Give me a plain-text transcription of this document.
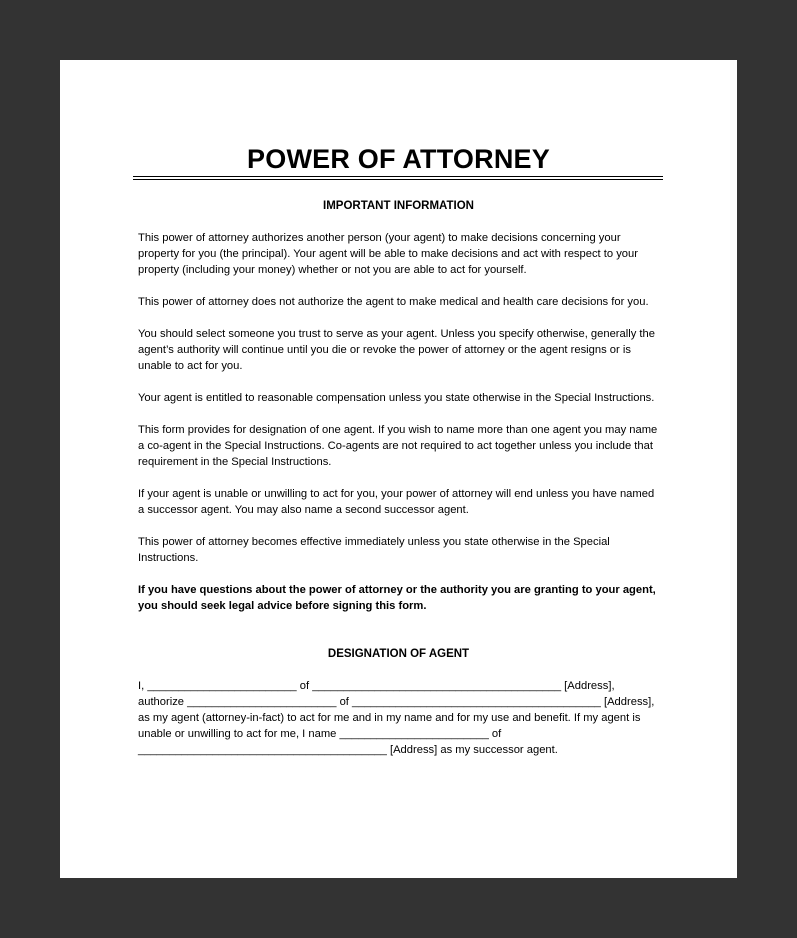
POWER OF ATTORNEY
IMPORTANT INFORMATION
This power of attorney authorizes another person (your agent) to make decisions concerning your
property for you (the principal). Your agent will be able to make decisions and act with respect to your
property (including your money) whether or not you are able to act for yourself.
This power of attorney does not authorize the agent to make medical and health care decisions for you.
You should select someone you trust to serve as your agent. Unless you specify otherwise, generally the
agent’s authority will continue until you die or revoke the power of attorney or the agent resigns or is
unable to act for you.
Your agent is entitled to reasonable compensation unless you state otherwise in the Special Instructions.
This form provides for designation of one agent. If you wish to name more than one agent you may name
a co-agent in the Special Instructions. Co-agents are not required to act together unless you include that
requirement in the Special Instructions.
If your agent is unable or unwilling to act for you, your power of attorney will end unless you have named
a successor agent. You may also name a second successor agent.
This power of attorney becomes effective immediately unless you state otherwise in the Special
Instructions.
If you have questions about the power of attorney or the authority you are granting to your agent,
you should seek legal advice before signing this form.
DESIGNATION OF AGENT
I, ________________________ of ________________________________________ [Address],
authorize ________________________ of ________________________________________ [Address],
as my agent (attorney-in-fact) to act for me and in my name and for my use and benefit. If my agent is
unable or unwilling to act for me, I name ________________________ of
________________________________________ [Address] as my successor agent.
